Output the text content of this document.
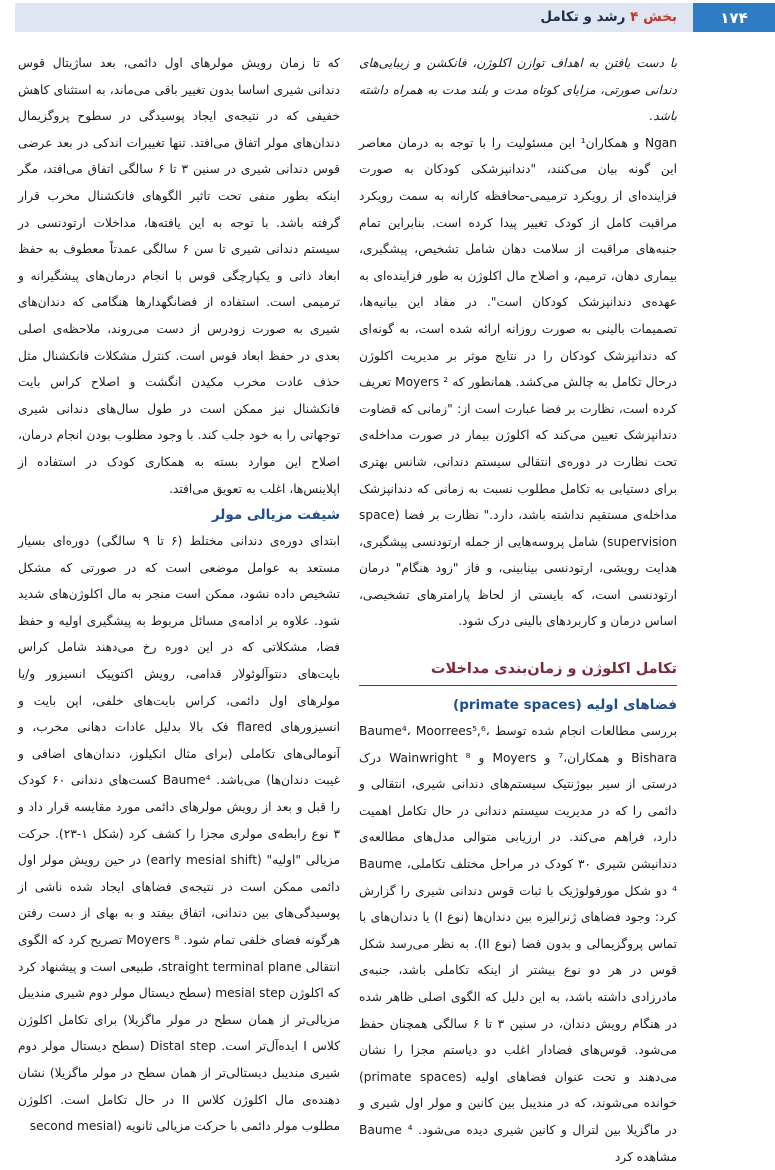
۱۷۴
بخش ۴ رشد و تکامل

با دست یافتن به اهداف توازن اکلوژن، فانکشن و زیبایی‌های دندانی صورتی، مزایای کوتاه مدت و بلند مدت به همراه داشته باشد.

Ngan و همکاران¹ این مسئولیت را با توجه به درمان معاصر این گونه بیان می‌کنند، "دندانپزشکی کودکان به صورت فزاینده‌ای از رویکرد ترمیمی-محافظه کارانه به سمت رویکرد مراقبت کامل از کودک تغییر پیدا کرده است. بنابراین تمام جنبه‌های مراقبت از سلامت دهان شامل تشخیص، پیشگیری، بیماری دهان، ترمیم، و اصلاح مال اکلوژن به طور فزاینده‌ای به عهده‌ی دندانپزشک کودکان است". در مفاد این بیانیه‌ها، تصمیمات بالینی به صورت روزانه ارائه شده است، به گونه‌ای که دندانپزشک کودکان را در نتایج موثر بر مدیریت اکلوژن درحال تکامل به چالش می‌کشد. همانطور که Moyers ² تعریف کرده است، نظارت بر فضا عبارت است از: "زمانی که قضاوت دندانپزشک تعیین می‌کند که اکلوژن بیمار در صورت مداخله‌ی تحت نظارت در دوره‌ی انتقالی سیستم دندانی، شانس بهتری برای دستیابی به تکامل مطلوب نسبت به زمانی که دندانپزشک مداخله‌ی مستقیم نداشته باشد، دارد." نظارت بر فضا (space supervision) شامل پروسه‌هایی از جمله ارتودنسی پیشگیری، هدایت رویشی، ارتودنسی بینابینی، و فاز "زود هنگام" درمان ارتودنسی است، که بایستی از لحاظ پارامترهای تشخیصی، اساس درمان و کاربردهای بالینی درک شود.

تکامل اکلوژن و زمان‌بندی مداخلات
فضاهای اولیه (primate spaces)

بررسی مطالعات انجام شده توسط Baume⁴، Moorrees⁵,⁶، Bishara و همکاران،⁷ و Moyers و Wainwright ⁸ درک درستی از سیر بیوژنتیک سیستم‌های دندانی شیری، انتقالی و دائمی را که در مدیریت سیستم دندانی در حال تکامل اهمیت دارد، فراهم می‌کند. در ارزیابی متوالی مدل‌های مطالعه‌ی دندانیشن شیری ۳۰ کودک در مراحل مختلف تکاملی، Baume ⁴ دو شکل مورفولوژیک با ثبات قوس دندانی شیری را گزارش کرد: وجود فضاهای ژنرالیزه بین دندان‌ها (نوع I) یا دندان‌های با تماس پروگزیمالی و بدون فضا (نوع II). به نظر می‌رسد شکل قوس در هر دو نوع بیشتر از اینکه تکاملی باشد، جنبه‌ی مادرزادی داشته باشد، به این دلیل که الگوی اصلی ظاهر شده در هنگام رویش دندان، در سنین ۳ تا ۶ سالگی همچنان حفظ می‌شود. قوس‌های فضادار اغلب دو دیاستم مجزا را نشان می‌دهند و تحت عنوان فضاهای اولیه (primate spaces) خوانده می‌شوند، که در مندیبل بین کانین و مولر اول شیری و در ماگزیلا بین لترال و کانین شیری دیده می‌شود. Baume ⁴ مشاهده کرد

که تا زمان رویش مولرهای اول دائمی، بعد ساژیتال قوس دندانی شیری اساسا بدون تغییر باقی می‌ماند، به استثنای کاهش خفیفی که در نتیجه‌ی ایجاد پوسیدگی در سطوح پروگزیمال دندان‌های مولر اتفاق می‌افتد. تنها تغییرات اندکی در بعد عرضی قوس دندانی شیری در سنین ۳ تا ۶ سالگی اتفاق می‌افتد، مگر اینکه بطور منفی تحت تاثیر الگوهای فانکشنال مخرب قرار گرفته باشد. با توجه به این یافته‌ها، مداخلات ارتودنسی در سیستم دندانی شیری تا سن ۶ سالگی عمدتاً معطوف به حفظ ابعاد ذاتی و یکپارچگی قوس با انجام درمان‌های پیشگیرانه و ترمیمی است. استفاده از فضانگهدارها هنگامی که دندان‌های شیری به صورت زودرس از دست می‌روند، ملاحظه‌ی اصلی بعدی در حفظ ابعاد قوس است. کنترل مشکلات فانکشنال مثل حذف عادت مخرب مکیدن انگشت و اصلاح کراس بایت فانکشنال نیز ممکن است در طول سال‌های دندانی شیری توجهاتی را به خود جلب کند. با وجود مطلوب بودن انجام درمان، اصلاح این موارد بسته به همکاری کودک در استفاده از اپلاینس‌ها، اغلب به تعویق می‌افتد.

شیفت مزیالی مولر

ابتدای دوره‌ی دندانی مختلط (۶ تا ۹ سالگی) دوره‌ای بسیار مستعد به عوامل موضعی است که در صورتی که مشکل تشخیص داده نشود، ممکن است منجر به مال اکلوژن‌های شدید شود. علاوه بر ادامه‌ی مسائل مربوط به پیشگیری اولیه و حفظ فضا، مشکلاتی که در این دوره رخ می‌دهند شامل کراس بایت‌های دنتوآلوئولار قدامی، رویش اکتوپیک انسیزور و/یا مولرهای اول دائمی، کراس بایت‌های خلفی، اپن بایت و انسیزورهای flared فک بالا بدلیل عادات دهانی مخرب، و آنومالی‌های تکاملی (برای مثال انکیلوز، دندان‌های اضافی و غیبت دندان‌ها) می‌باشد. Baume⁴ کست‌های دندانی ۶۰ کودک را قبل و بعد از رویش مولرهای دائمی مورد مقایسه قرار داد و ۳ نوع رابطه‌ی مولری مجزا را کشف کرد (شکل ۱-۲۳). حرکت مزیالی "اولیه" (early mesial shift) در حین رویش مولر اول دائمی ممکن است در نتیجه‌ی فضاهای ایجاد شده ناشی از پوسیدگی‌های بین دندانی، اتفاق بیفتد و به بهای از دست رفتن هرگونه فضای خلفی تمام شود. Moyers ⁸ تصریح کرد که الگوی انتقالی straight terminal plane، طبیعی است و پیشنهاد کرد که اکلوژن mesial step (سطح دیستال مولر دوم شیری مندیبل مزیالی‌تر از همان سطح در مولر ماگزیلا) برای تکامل اکلوژن کلاس I ایده‌آل‌تر است. Distal step (سطح دیستال مولر دوم شیری مندیبل دیستالی‌تر از همان سطح در مولر ماگزیلا) نشان دهنده‌ی مال اکلوژن کلاس II در حال تکامل است. اکلوژن مطلوب مولر دائمی با حرکت مزیالی ثانویه (second mesial
